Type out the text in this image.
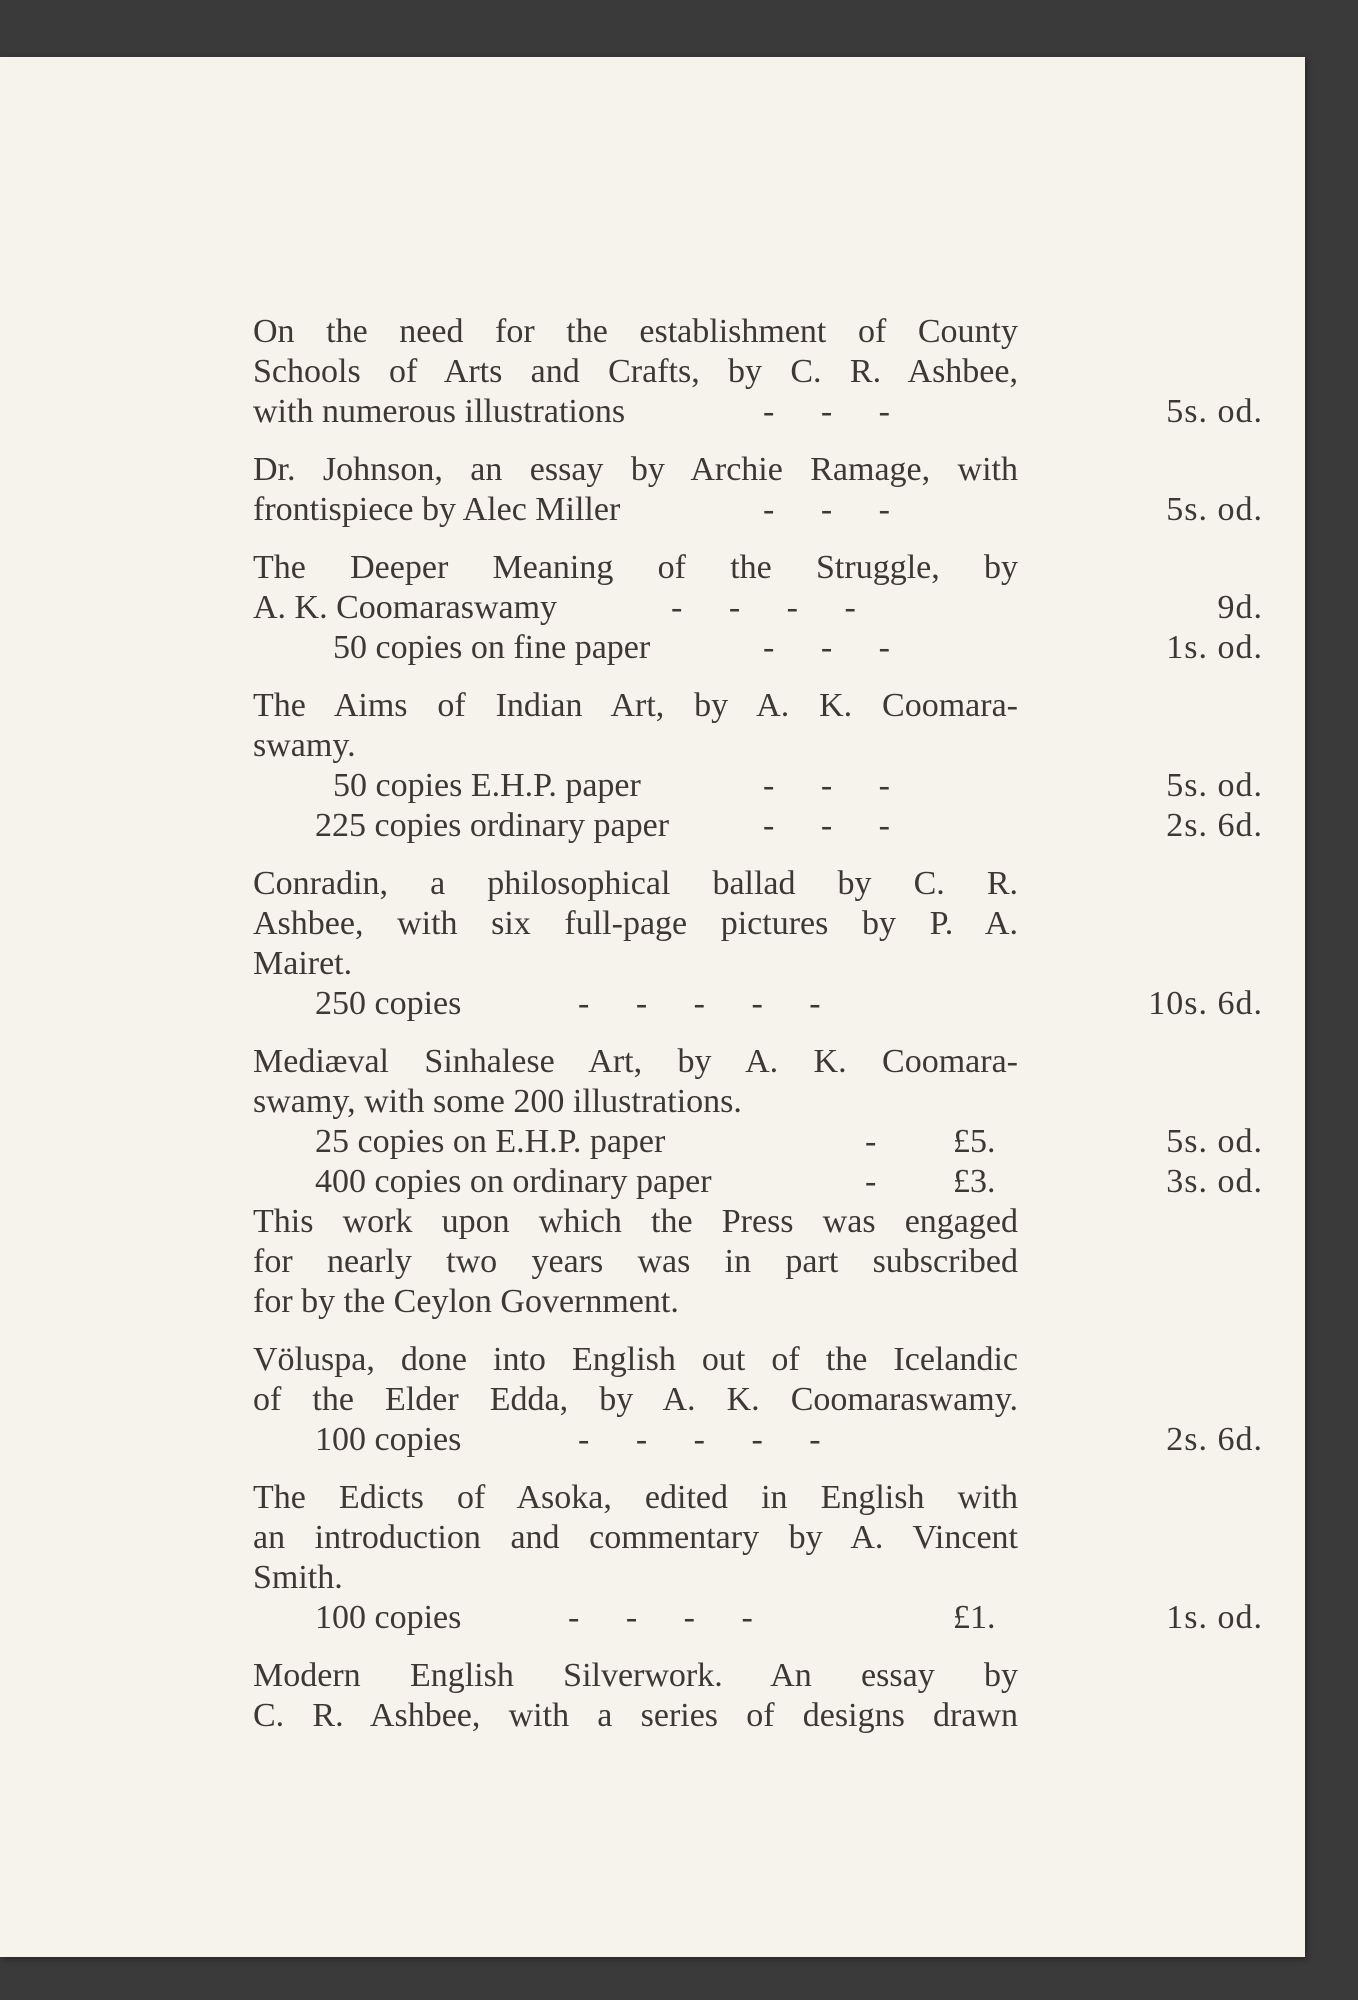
On the need for the establishment of County
Schools of Arts and Crafts, by C. R. Ashbee,
with numerous illustrations	- - -	5s. od.
Dr. Johnson, an essay by Archie Ramage, with
frontispiece by Alec Miller	- - -	5s. od.
The Deeper Meaning of the Struggle, by
A. K. Coomaraswamy	- - - -	9d.
50 copies on fine paper	- - -	1s. od.
The Aims of Indian Art, by A. K. Coomara-
swamy.
50 copies E.H.P. paper	- - -	5s. od.
225 copies ordinary paper	- - -	2s. 6d.
Conradin, a philosophical ballad by C. R.
Ashbee, with six full-page pictures by P. A.
Mairet.
250 copies	- - - - -	10s. 6d.
Mediæval Sinhalese Art, by A. K. Coomara-
swamy, with some 200 illustrations.
25 copies on E.H.P. paper	- £5.	5s. od.
400 copies on ordinary paper	- £3.	3s. od.
This work upon which the Press was engaged
for nearly two years was in part subscribed
for by the Ceylon Government.
Völuspa, done into English out of the Icelandic
of the Elder Edda, by A. K. Coomaraswamy.
100 copies	- - - - -	2s. 6d.
The Edicts of Asoka, edited in English with
an introduction and commentary by A. Vincent
Smith.
100 copies	- - - -	£1.	1s. od.
Modern English Silverwork. An essay by
C. R. Ashbee, with a series of designs drawn
